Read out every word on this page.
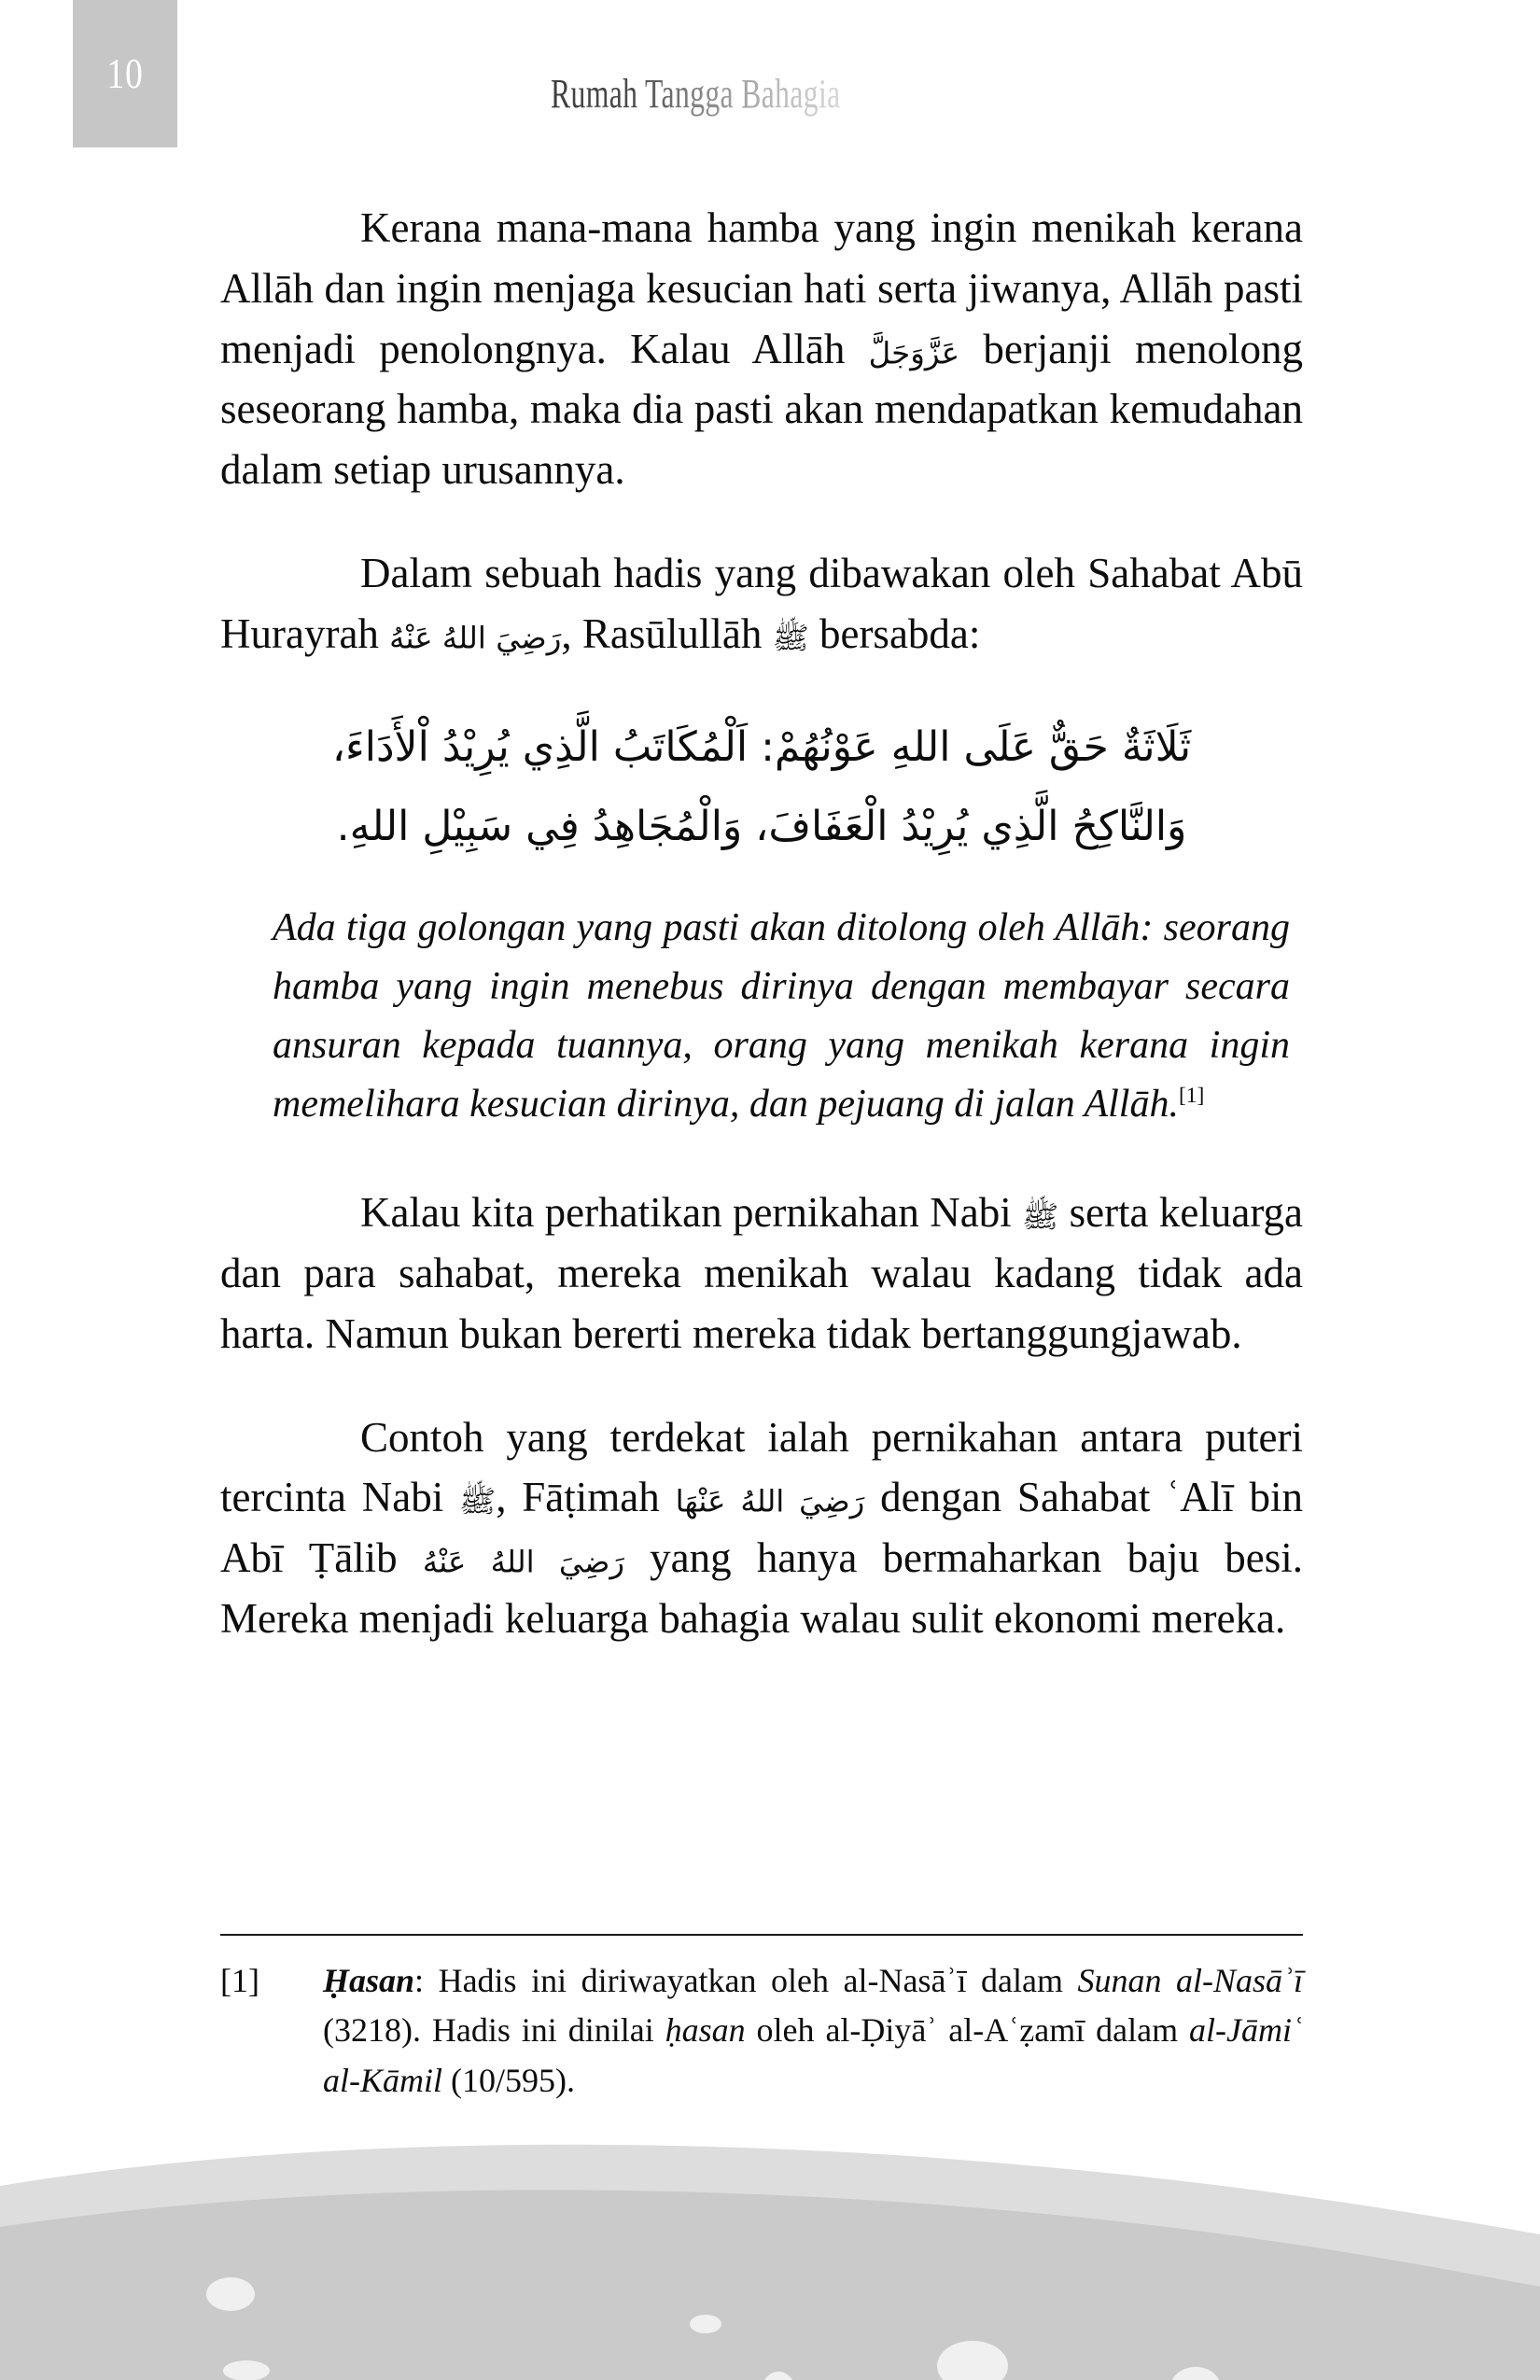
10	Rumah Tangga Bahagia

Kerana mana-mana hamba yang ingin menikah kerana Allāh dan ingin menjaga kesucian hati serta jiwanya, Allāh pasti menjadi penolongnya. Kalau Allāh عَزَّوَجَلَّ berjanji menolong seseorang hamba, maka dia pasti akan mendapatkan kemudahan dalam setiap urusannya.

Dalam sebuah hadis yang dibawakan oleh Sahabat Abū Hurayrah رَضِيَ اللهُ عَنْهُ, Rasūlullāh ﷺ bersabda:

ثَلَاثَةٌ حَقٌّ عَلَى اللهِ عَوْنُهُمْ: اَلْمُكَاتَبُ الَّذِي يُرِيْدُ اْلأَدَاءَ،
وَالنَّاكِحُ الَّذِي يُرِيْدُ الْعَفَافَ، وَالْمُجَاهِدُ فِي سَبِيْلِ اللهِ.

Ada tiga golongan yang pasti akan ditolong oleh Allāh: seorang hamba yang ingin menebus dirinya dengan membayar secara ansuran kepada tuannya, orang yang menikah kerana ingin memelihara kesucian dirinya, dan pejuang di jalan Allāh.[1]

Kalau kita perhatikan pernikahan Nabi ﷺ serta keluarga dan para sahabat, mereka menikah walau kadang tidak ada harta. Namun bukan bererti mereka tidak bertanggungjawab.

Contoh yang terdekat ialah pernikahan antara puteri tercinta Nabi ﷺ, Fāṭimah رَضِيَ اللهُ عَنْهَا dengan Sahabat ʿAlī bin Abī Ṭālib رَضِيَ اللهُ عَنْهُ yang hanya bermaharkan baju besi. Mereka menjadi keluarga bahagia walau sulit ekonomi mereka.

[1]	Ḥasan: Hadis ini diriwayatkan oleh al-Nasāʾī dalam Sunan al-Nasāʾī (3218). Hadis ini dinilai ḥasan oleh al-Ḍiyāʾ al-Aʿẓamī dalam al-Jāmiʿ al-Kāmil (10/595).
